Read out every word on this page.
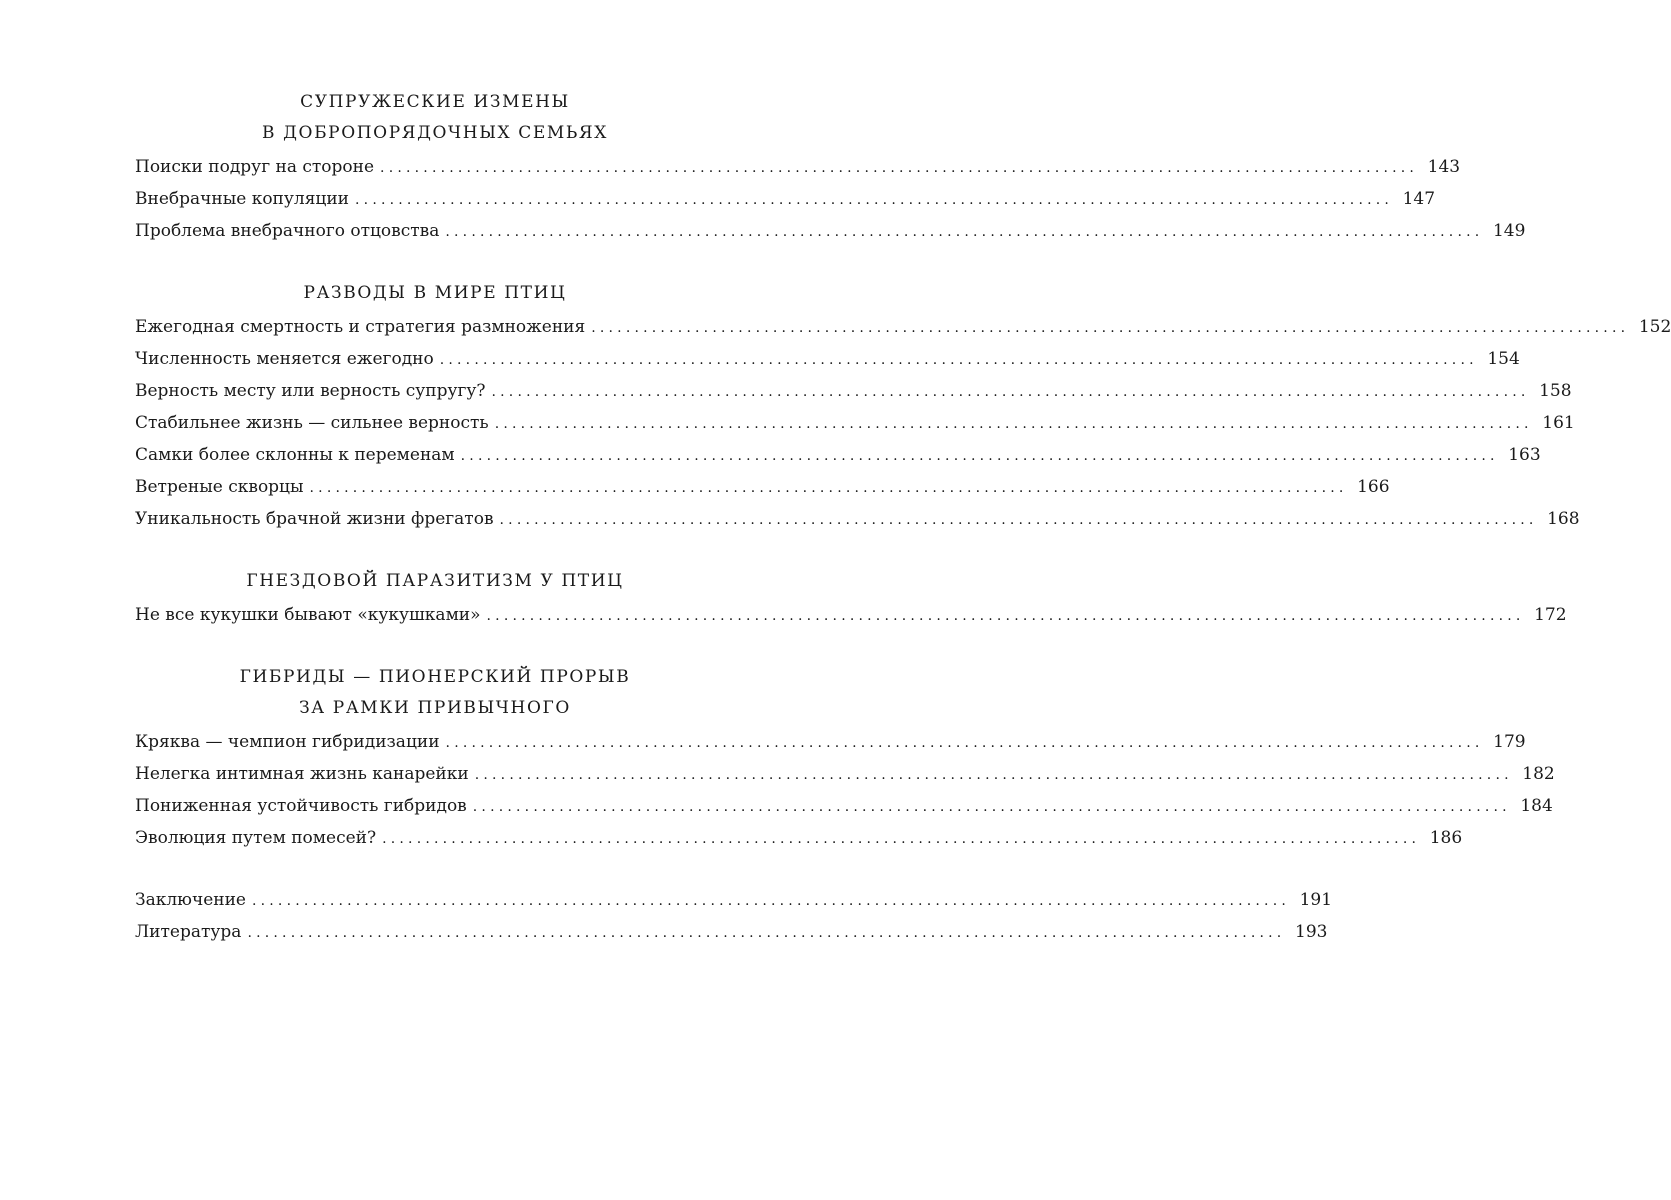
СУПРУЖЕСКИЕ ИЗМЕНЫ
В ДОБРОПОРЯДОЧНЫХ СЕМЬЯХ
Поиски подруг на стороне ........................................................................................................................ 143
Внебрачные копуляции ........................................................................................................................ 147
Проблема внебрачного отцовства ........................................................................................................................ 149
РАЗВОДЫ В МИРЕ ПТИЦ
Ежегодная смертность и стратегия размножения ........................................................................................................................ 152
Численность меняется ежегодно ........................................................................................................................ 154
Верность месту или верность супругу? ........................................................................................................................ 158
Стабильнее жизнь — сильнее верность ........................................................................................................................ 161
Самки более склонны к переменам ........................................................................................................................ 163
Ветреные скворцы ........................................................................................................................ 166
Уникальность брачной жизни фрегатов ........................................................................................................................ 168
ГНЕЗДОВОЙ ПАРАЗИТИЗМ У ПТИЦ
Не все кукушки бывают «кукушками» ........................................................................................................................ 172
ГИБРИДЫ — ПИОНЕРСКИЙ ПРОРЫВ
ЗА РАМКИ ПРИВЫЧНОГО
Кряква — чемпион гибридизации ........................................................................................................................ 179
Нелегка интимная жизнь канарейки ........................................................................................................................ 182
Пониженная устойчивость гибридов ........................................................................................................................ 184
Эволюция путем помесей? ........................................................................................................................ 186
Заключение ........................................................................................................................ 191
Литература ........................................................................................................................ 193
